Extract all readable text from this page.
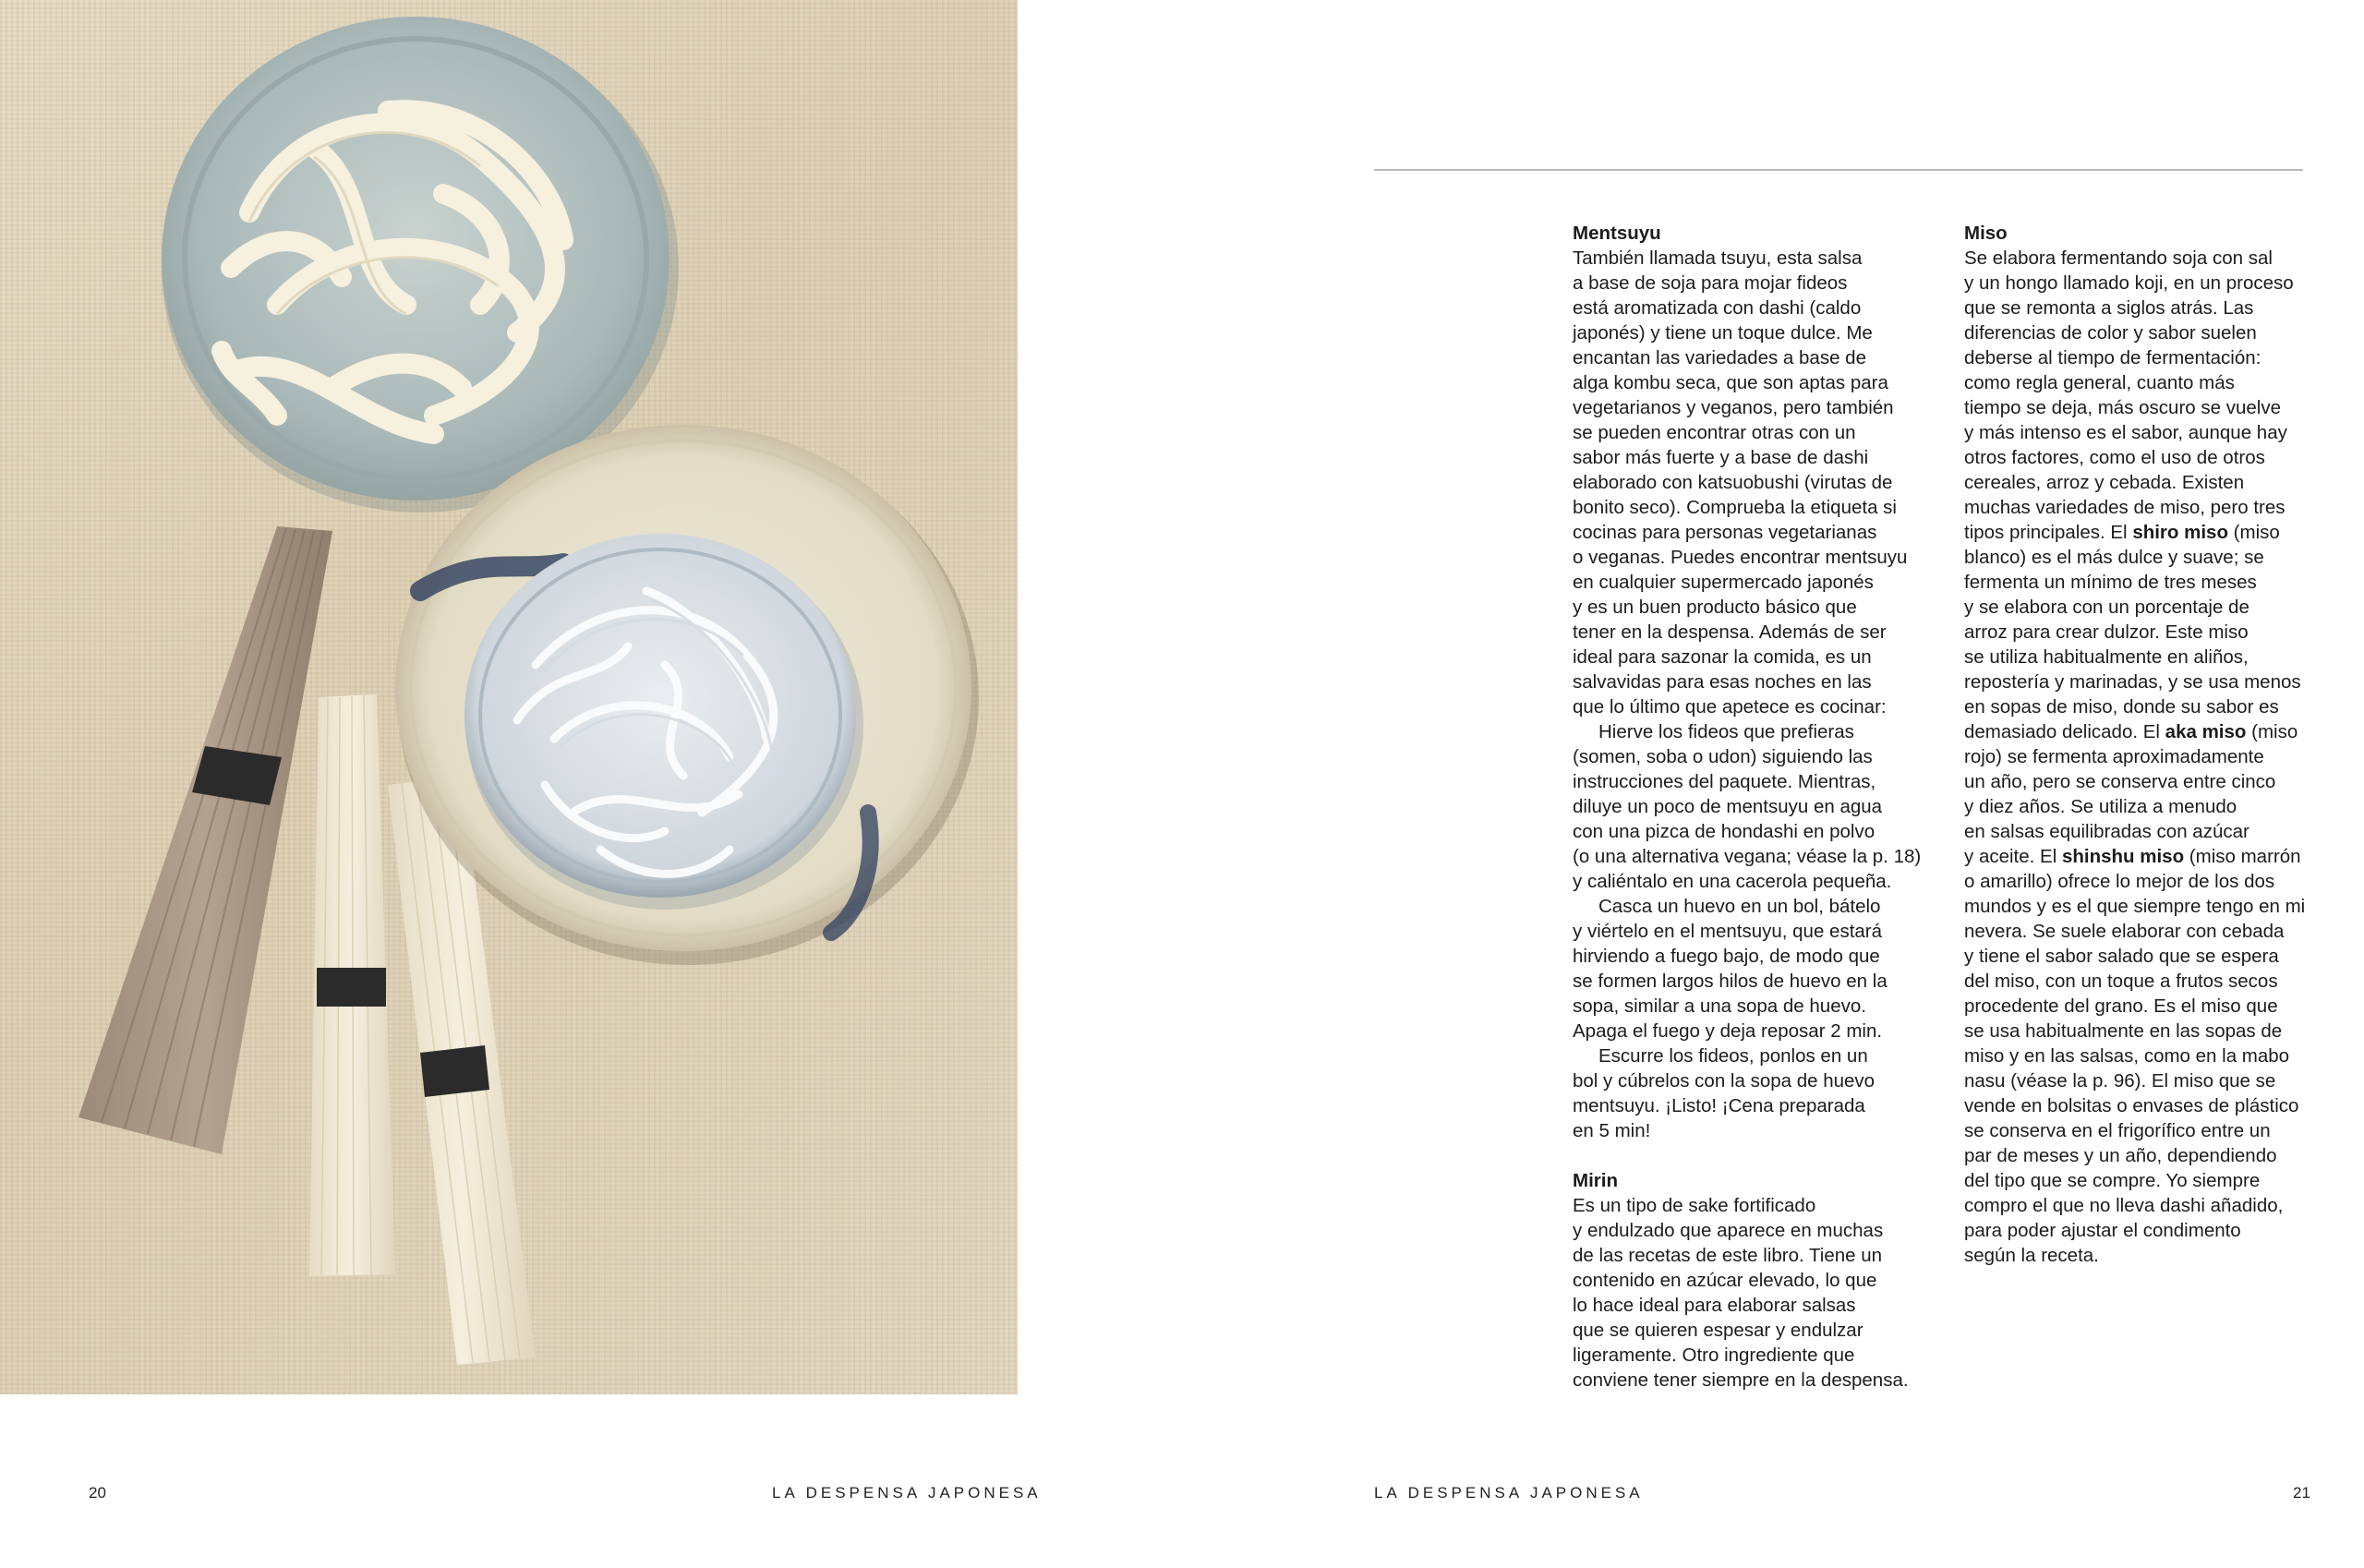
Mentsuyu

También llamada tsuyu, esta salsa

a base de soja para mojar fideos

está aromatizada con dashi (caldo

japonés) y tiene un toque dulce. Me

encantan las variedades a base de

alga kombu seca, que son aptas para

vegetarianos y veganos, pero también

se pueden encontrar otras con un

sabor más fuerte y a base de dashi

elaborado con katsuobushi (virutas de

bonito seco). Comprueba la etiqueta si

cocinas para personas vegetarianas

o veganas. Puedes encontrar mentsuyu

en cualquier supermercado japonés

y es un buen producto básico que

tener en la despensa. Además de ser

ideal para sazonar la comida, es un

salvavidas para esas noches en las

que lo último que apetece es cocinar:

Hierve los fideos que prefieras

(somen, soba o udon) siguiendo las

instrucciones del paquete. Mientras,

diluye un poco de mentsuyu en agua

con una pizca de hondashi en polvo

(o una alternativa vegana; véase la p. 18)

y caliéntalo en una cacerola pequeña.

Casca un huevo en un bol, bátelo

y viértelo en el mentsuyu, que estará

hirviendo a fuego bajo, de modo que

se formen largos hilos de huevo en la

sopa, similar a una sopa de huevo.

Apaga el fuego y deja reposar 2 min.

Escurre los fideos, ponlos en un

bol y cúbrelos con la sopa de huevo

mentsuyu. ¡Listo! ¡Cena preparada

en 5 min!

Mirin

Es un tipo de sake fortificado

y endulzado que aparece en muchas

de las recetas de este libro. Tiene un

contenido en azúcar elevado, lo que

lo hace ideal para elaborar salsas

que se quieren espesar y endulzar

ligeramente. Otro ingrediente que

conviene tener siempre en la despensa.

Miso

Se elabora fermentando soja con sal

y un hongo llamado koji, en un proceso

que se remonta a siglos atrás. Las

diferencias de color y sabor suelen

deberse al tiempo de fermentación:

como regla general, cuanto más

tiempo se deja, más oscuro se vuelve

y más intenso es el sabor, aunque hay

otros factores, como el uso de otros

cereales, arroz y cebada. Existen

muchas variedades de miso, pero tres

tipos principales. El shiro miso (miso

blanco) es el más dulce y suave; se

fermenta un mínimo de tres meses

y se elabora con un porcentaje de

arroz para crear dulzor. Este miso

se utiliza habitualmente en aliños,

repostería y marinadas, y se usa menos

en sopas de miso, donde su sabor es

demasiado delicado. El aka miso (miso

rojo) se fermenta aproximadamente

un año, pero se conserva entre cinco

y diez años. Se utiliza a menudo

en salsas equilibradas con azúcar

y aceite. El shinshu miso (miso marrón

o amarillo) ofrece lo mejor de los dos

mundos y es el que siempre tengo en mi

nevera. Se suele elaborar con cebada

y tiene el sabor salado que se espera

del miso, con un toque a frutos secos

procedente del grano. Es el miso que

se usa habitualmente en las sopas de

miso y en las salsas, como en la mabo

nasu (véase la p. 96). El miso que se

vende en bolsitas o envases de plástico

se conserva en el frigorífico entre un

par de meses y un año, dependiendo

del tipo que se compre. Yo siempre

compro el que no lleva dashi añadido,

para poder ajustar el condimento

según la receta.

20	LA DESPENSA JAPONESA	LA DESPENSA JAPONESA	21
